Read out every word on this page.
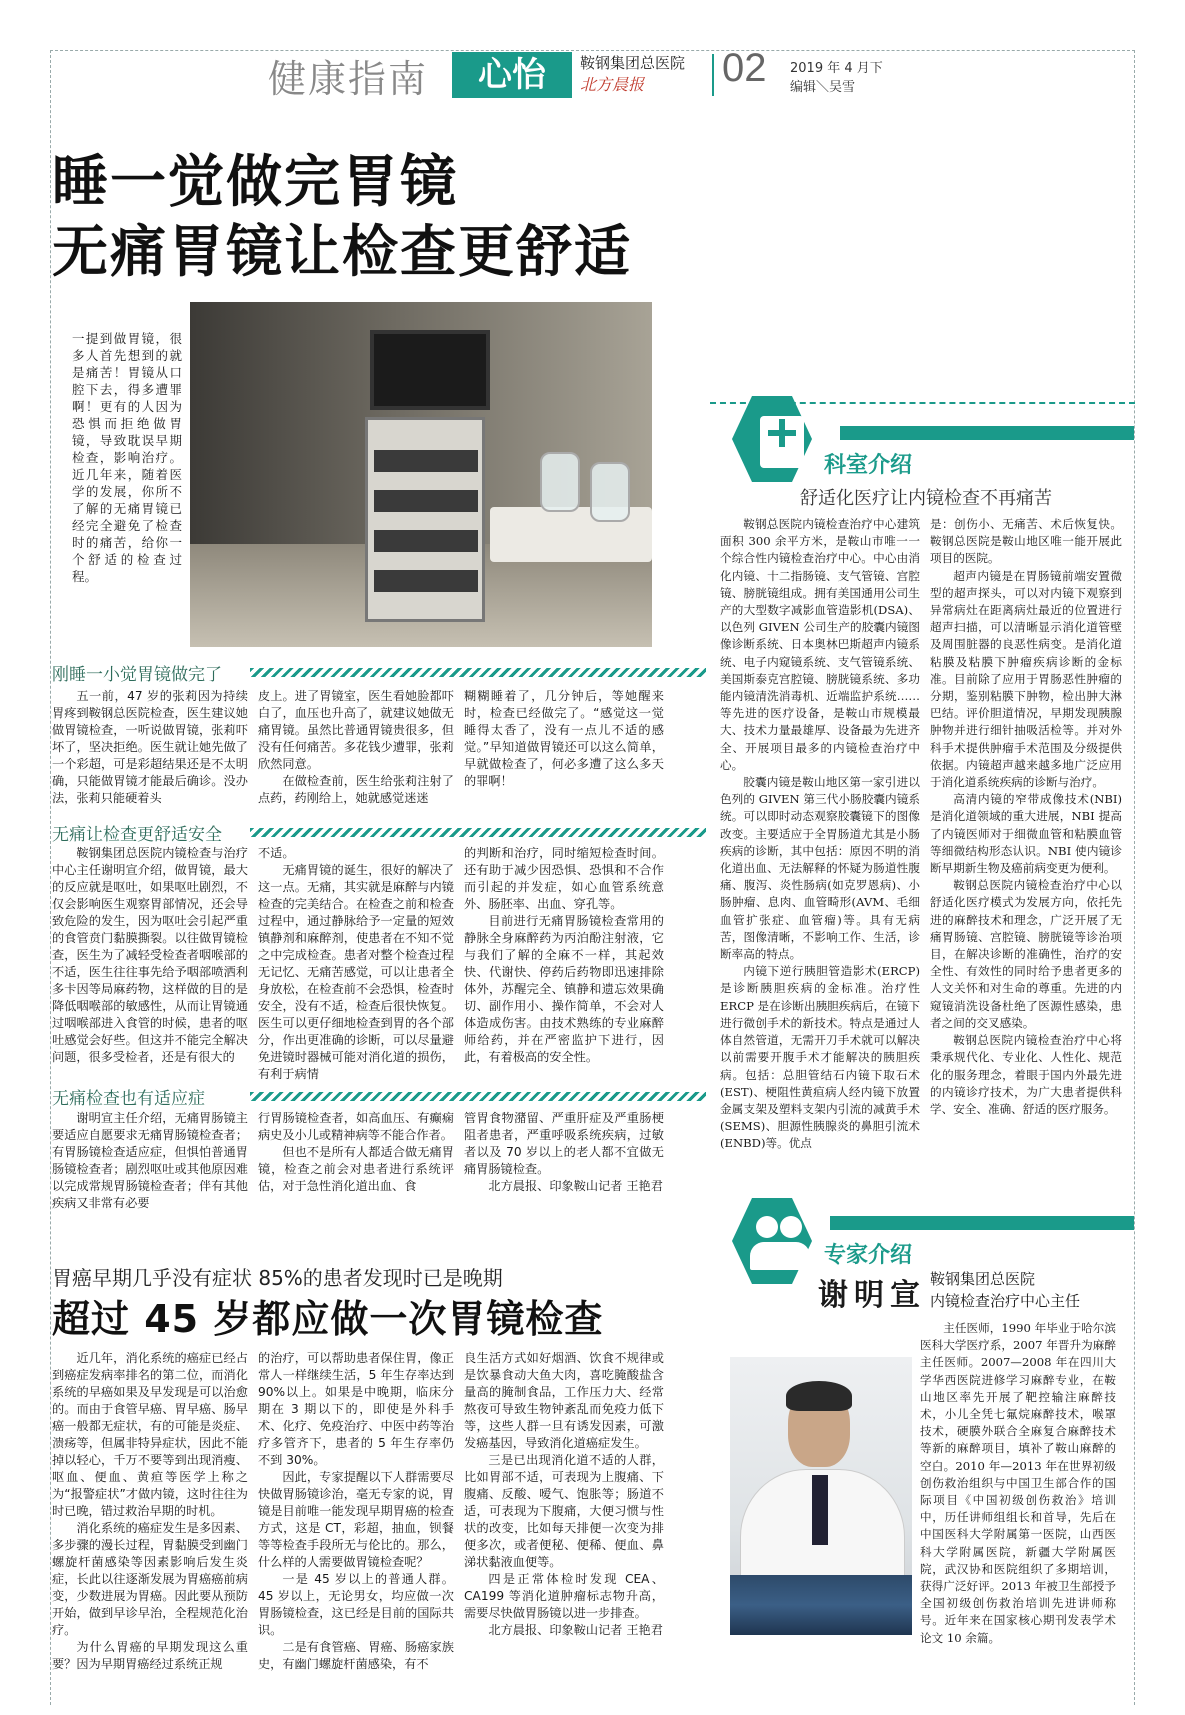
健康指南	心怡	鞍钢集团总医院
北方晨报 02 2019 年 4 月下
编辑＼吴雪
睡一觉做完胃镜
无痛胃镜让检查更舒适
一提到做胃镜，很多人首先想到的就是痛苦！胃镜从口腔下去，得多遭罪啊！更有的人因为恐惧而拒绝做胃镜，导致耽误早期检查，影响治疗。近几年来，随着医学的发展，你所不了解的无痛胃镜已经完全避免了检查时的痛苦，给你一个舒适的检查过程。
刚睡一小觉胃镜做完了

五一前，47 岁的张莉因为持续胃疼到鞍钢总医院检查，医生建议她做胃镜检查，一听说做胃镜，张莉吓坏了，坚决拒绝。医生就让她先做了一个彩超，可是彩超结果还是不太明确，只能做胃镜才能最后确诊。没办法，张莉只能硬着头

皮上。进了胃镜室，医生看她脸都吓白了，血压也升高了，就建议她做无痛胃镜。虽然比普通胃镜贵很多，但没有任何痛苦。多花钱少遭罪，张莉欣然同意。

在做检查前，医生给张莉注射了点药，药刚给上，她就感觉迷迷

糊糊睡着了，几分钟后，等她醒来时，检查已经做完了。“感觉这一觉睡得太香了，没有一点儿不适的感觉。”早知道做胃镜还可以这么简单，早就做检查了，何必多遭了这么多天的罪啊！

无痛让检查更舒适安全

鞍钢集团总医院内镜检查与治疗中心主任谢明宣介绍，做胃镜，最大的反应就是呕吐，如果呕吐剧烈，不仅会影响医生观察胃部情况，还会导致危险的发生，因为呕吐会引起严重的食管贲门黏膜撕裂。以往做胃镜检查，医生为了减轻受检查者咽喉部的不适，医生往往事先给予咽部喷洒利多卡因等局麻药物，这样做的目的是降低咽喉部的敏感性，从而让胃镜通过咽喉部进入食管的时候，患者的呕吐感觉会好些。但这并不能完全解决问题，很多受检者，还是有很大的

不适。

无痛胃镜的诞生，很好的解决了这一点。无痛，其实就是麻醉与内镜检查的完美结合。在检查之前和检查过程中，通过静脉给予一定量的短效镇静剂和麻醉剂，使患者在不知不觉之中完成检查。患者对整个检查过程无记忆、无痛苦感觉，可以让患者全身放松，在检查前不会恐惧，检查时安全，没有不适，检查后很快恢复。医生可以更仔细地检查到胃的各个部分，作出更准确的诊断，可以尽量避免进镜时器械可能对消化道的损伤，有利于病情

的判断和治疗，同时缩短检查时间。还有助于减少因恐惧、恐惧和不合作而引起的并发症，如心血管系统意外、肠胚率、出血、穿孔等。

目前进行无痛胃肠镜检查常用的静脉全身麻醉药为丙泊酚注射液，它与我们了解的全麻不一样，其起效快、代谢快、停药后药物即迅速排除体外，苏醒完全、镇静和遗忘效果确切、副作用小、操作简单，不会对人体造成伤害。由技术熟练的专业麻醉师给药，并在严密监护下进行，因此，有着极高的安全性。

无痛检查也有适应症

谢明宣主任介绍，无痛胃肠镜主要适应自愿要求无痛胃肠镜检查者；有胃肠镜检查适应症，但惧怕普通胃肠镜检查者；剧烈呕吐或其他原因难以完成常规胃肠镜检查者；伴有其他疾病又非常有必要

行胃肠镜检查者，如高血压、有癫痫病史及小儿或精神病等不能合作者。

但也不是所有人都适合做无痛胃镜，检查之前会对患者进行系统评估，对于急性消化道出血、食

管胃食物潴留、严重肝症及严重肠梗阻者患者，严重呼吸系统疾病，过敏者以及 70 岁以上的老人都不宜做无痛胃肠镜检查。

北方晨报、印象鞍山记者 王艳君

胃癌早期几乎没有症状 85%的患者发现时已是晚期
超过 45 岁都应做一次胃镜检查

近几年，消化系统的癌症已经占到癌症发病率排名的第二位，而消化系统的早癌如果及早发现是可以治愈的。而由于食管早癌、胃早癌、肠早癌一般都无症状，有的可能是炎症、溃疡等，但属非特异症状，因此不能掉以轻心，千万不要等到出现消瘦、呕血、便血、黄疸等医学上称之为“报警症状”才做内镜，这时往往为时已晚，错过救治早期的时机。

消化系统的癌症发生是多因素、多步骤的漫长过程，胃黏膜受到幽门螺旋杆菌感染等因素影响后发生炎症，长此以往逐渐发展为胃癌癌前病变，少数进展为胃癌。因此要从预防开始，做到早诊早治，全程规范化治疗。

为什么胃癌的早期发现这么重要？因为早期胃癌经过系统正规

的治疗，可以帮助患者保住胃，像正常人一样继续生活，5 年生存率达到 90%以上。如果是中晚期，临床分期在 3 期以下的，即使是外科手术、化疗、免疫治疗、中医中药等治疗多管齐下，患者的 5 年生存率仍不到 30%。

因此，专家提醒以下人群需要尽快做胃肠镜诊治，毫无专家的说，胃镜是目前唯一能发现早期胃癌的检查方式，这是 CT，彩超，抽血，钡餐等等检查手段所无与伦比的。那么，什么样的人需要做胃镜检查呢？

一是 45 岁以上的普通人群。45 岁以上，无论男女，均应做一次胃肠镜检查，这已经是目前的国际共识。

二是有食管癌、胃癌、肠癌家族史，有幽门螺旋杆菌感染，有不

良生活方式如好烟酒、饮食不规律或是饮暴食动大鱼大肉，喜吃腌酸盐含量高的腌制食品，工作压力大、经常熬夜可导致生物钟紊乱而免疫力低下等，这些人群一旦有诱发因素，可激发癌基因，导致消化道癌症发生。

三是已出现消化道不适的人群，比如胃部不适，可表现为上腹痛、下腹痛、反酸、嗳气、饱胀等；肠道不适，可表现为下腹痛，大便习惯与性状的改变，比如每天排便一次变为排便多次，或者便秘、便稀、便血、鼻涕状黏液血便等。

四是正常体检时发现 CEA、CA199 等消化道肿瘤标志物升高，需要尽快做胃肠镜以进一步排查。

北方晨报、印象鞍山记者 王艳君

科室介绍
舒适化医疗让内镜检查不再痛苦

鞍钢总医院内镜检查治疗中心建筑面积 300 余平方米，是鞍山市唯一一个综合性内镜检查治疗中心。中心由消化内镜、十二指肠镜、支气管镜、宫腔镜、膀胱镜组成。拥有美国通用公司生产的大型数字减影血管造影机(DSA)、以色列 GIVEN 公司生产的胶囊内镜图像诊断系统、日本奥林巴斯超声内镜系统、电子内窥镜系统、支气管镜系统、美国斯泰克宫腔镜、膀胱镜系统、多功能内镜清洗消毒机、近端监护系统……等先进的医疗设备，是鞍山市规模最大、技术力量最雄厚、设备最为先进齐全、开展项目最多的内镜检查治疗中心。

胶囊内镜是鞍山地区第一家引进以色列的 GIVEN 第三代小肠胶囊内镜系统。可以即时动态观察胶囊镜下的图像改变。主要适应于全胃肠道尤其是小肠疾病的诊断，其中包括：原因不明的消化道出血、无法解释的怀疑为肠道性腹痛、腹泻、炎性肠病(如克罗恩病)、小肠肿瘤、息肉、血管畸形(AVM、毛细血管扩张症、血管瘤)等。具有无病苦，图像清晰，不影响工作、生活，诊断率高的特点。

内镜下逆行胰胆管造影术(ERCP)是诊断胰胆疾病的金标准。治疗性 ERCP 是在诊断出胰胆疾病后，在镜下进行微创手术的新技术。特点是通过人体自然管道，无需开刀手术就可以解决以前需要开腹手术才能解决的胰胆疾病。包括：总胆管结石内镜下取石术(EST)、梗阻性黄疸病人经内镜下放置金属支架及塑料支架内引流的减黄手术(SEMS)、胆源性胰腺炎的鼻胆引流术(ENBD)等。优点

是：创伤小、无痛苦、术后恢复快。鞍钢总医院是鞍山地区唯一能开展此项目的医院。

超声内镜是在胃肠镜前端安置微型的超声探头，可以对内镜下观察到异常病灶在距离病灶最近的位置进行超声扫描，可以清晰显示消化道管壁及周围脏器的良恶性病变。是消化道粘膜及粘膜下肿瘤疾病诊断的金标准。目前除了应用于胃肠恶性肿瘤的分期，鉴别粘膜下肿物，检出肿大淋巴结。评价胆道情况，早期发现胰腺肿物并进行细针抽吸活检等。并对外科手术提供肿瘤手术范围及分级提供依据。内镜超声越来越多地广泛应用于消化道系统疾病的诊断与治疗。

高清内镜的窄带成像技术(NBI)是消化道领域的重大进展，NBI 提高了内镜医师对于细微血管和粘膜血管等细微结构形态认识。NBI 使内镜诊断早期新生物及癌前病变更为便利。

鞍钢总医院内镜检查治疗中心以舒适化医疗模式为发展方向，依托先进的麻醉技术和理念，广泛开展了无痛胃肠镜、宫腔镜、膀胱镜等诊治项目，在解决诊断的准确性，治疗的安全性、有效性的同时给予患者更多的人文关怀和对生命的尊重。先进的内窥镜消洗设备杜绝了医源性感染，患者之间的交叉感染。

鞍钢总医院内镜检查治疗中心将秉承规代化、专业化、人性化、规范化的服务理念，着眼于国内外最先进的内镜诊疗技术，为广大患者提供科学、安全、准确、舒适的医疗服务。

专家介绍
谢明宣 鞍钢集团总医院
内镜检查治疗中心主任

主任医师，1990 年毕业于哈尔滨医科大学医疗系，2007 年晋升为麻醉主任医师。2007—2008 年在四川大学华西医院进修学习麻醉专业，在鞍山地区率先开展了靶控输注麻醉技术，小儿全凭七氟烷麻醉技术，喉罩技术，硬膜外联合全麻复合麻醉技术等新的麻醉项目，填补了鞍山麻醉的空白。2010 年—2013 年在世界初级创伤救治组织与中国卫生部合作的国际项目《中国初级创伤救治》培训中，历任讲师组组长和首导，先后在中国医科大学附属第一医院，山西医科大学附属医院，新疆大学附属医院，武汉协和医院组织了多期培训，获得广泛好评。2013 年被卫生部授予全国初级创伤救治培训先进讲师称号。近年来在国家核心期刊发表学术论文 10 余篇。
